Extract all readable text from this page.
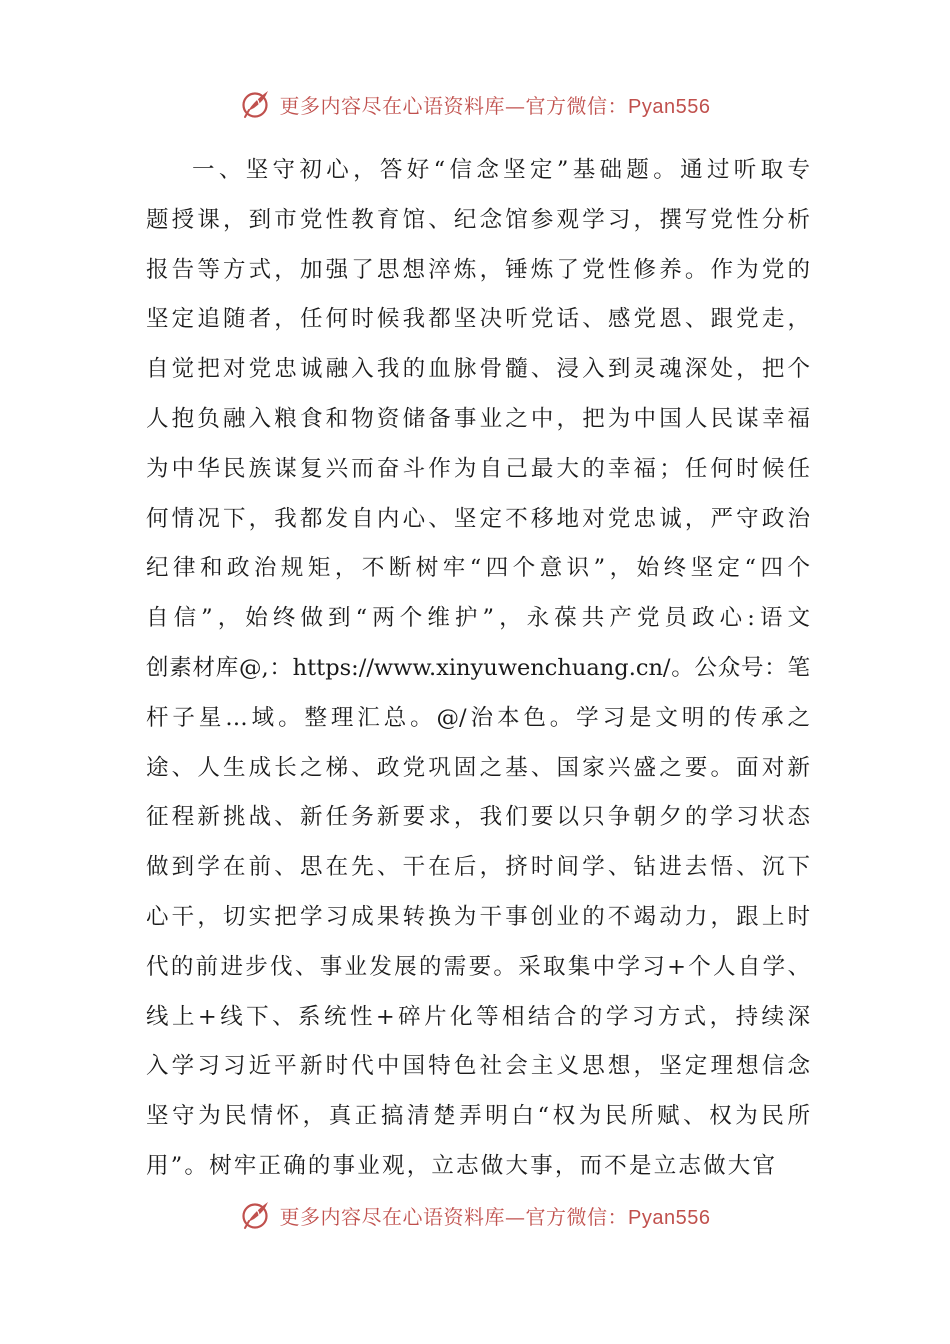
更多内容尽在心语资料库—官方微信：Pyan556
一、坚守初心，答好“信念坚定”基础题。通过听取专
题授课，到市党性教育馆、纪念馆参观学习，撰写党性分析
报告等方式，加强了思想淬炼，锤炼了党性修养。作为党的
坚定追随者，任何时候我都坚决听党话、感党恩、跟党走，
自觉把对党忠诚融入我的血脉骨髓、浸入到灵魂深处，把个
人抱负融入粮食和物资储备事业之中，把为中国人民谋幸福
为中华民族谋复兴而奋斗作为自己最大的幸福；任何时候任
何情况下，我都发自内心、坚定不移地对党忠诚，严守政治
纪律和政治规矩，不断树牢“四个意识”，始终坚定“四个
自信”，始终做到“两个维护”，永葆共产党员政心:语文
创素材库@,：https://www.xinyuwenchuang.cn/。公众号：笔
杆子星…域。整理汇总。@/治本色。学习是文明的传承之
途、人生成长之梯、政党巩固之基、国家兴盛之要。面对新
征程新挑战、新任务新要求，我们要以只争朝夕的学习状态
做到学在前、思在先、干在后，挤时间学、钻进去悟、沉下
心干，切实把学习成果转换为干事创业的不竭动力，跟上时
代的前进步伐、事业发展的需要。采取集中学习+个人自学、
线上+线下、系统性+碎片化等相结合的学习方式，持续深
入学习习近平新时代中国特色社会主义思想，坚定理想信念
坚守为民情怀，真正搞清楚弄明白“权为民所赋、权为民所
用”。树牢正确的事业观，立志做大事，而不是立志做大官
更多内容尽在心语资料库—官方微信：Pyan556
